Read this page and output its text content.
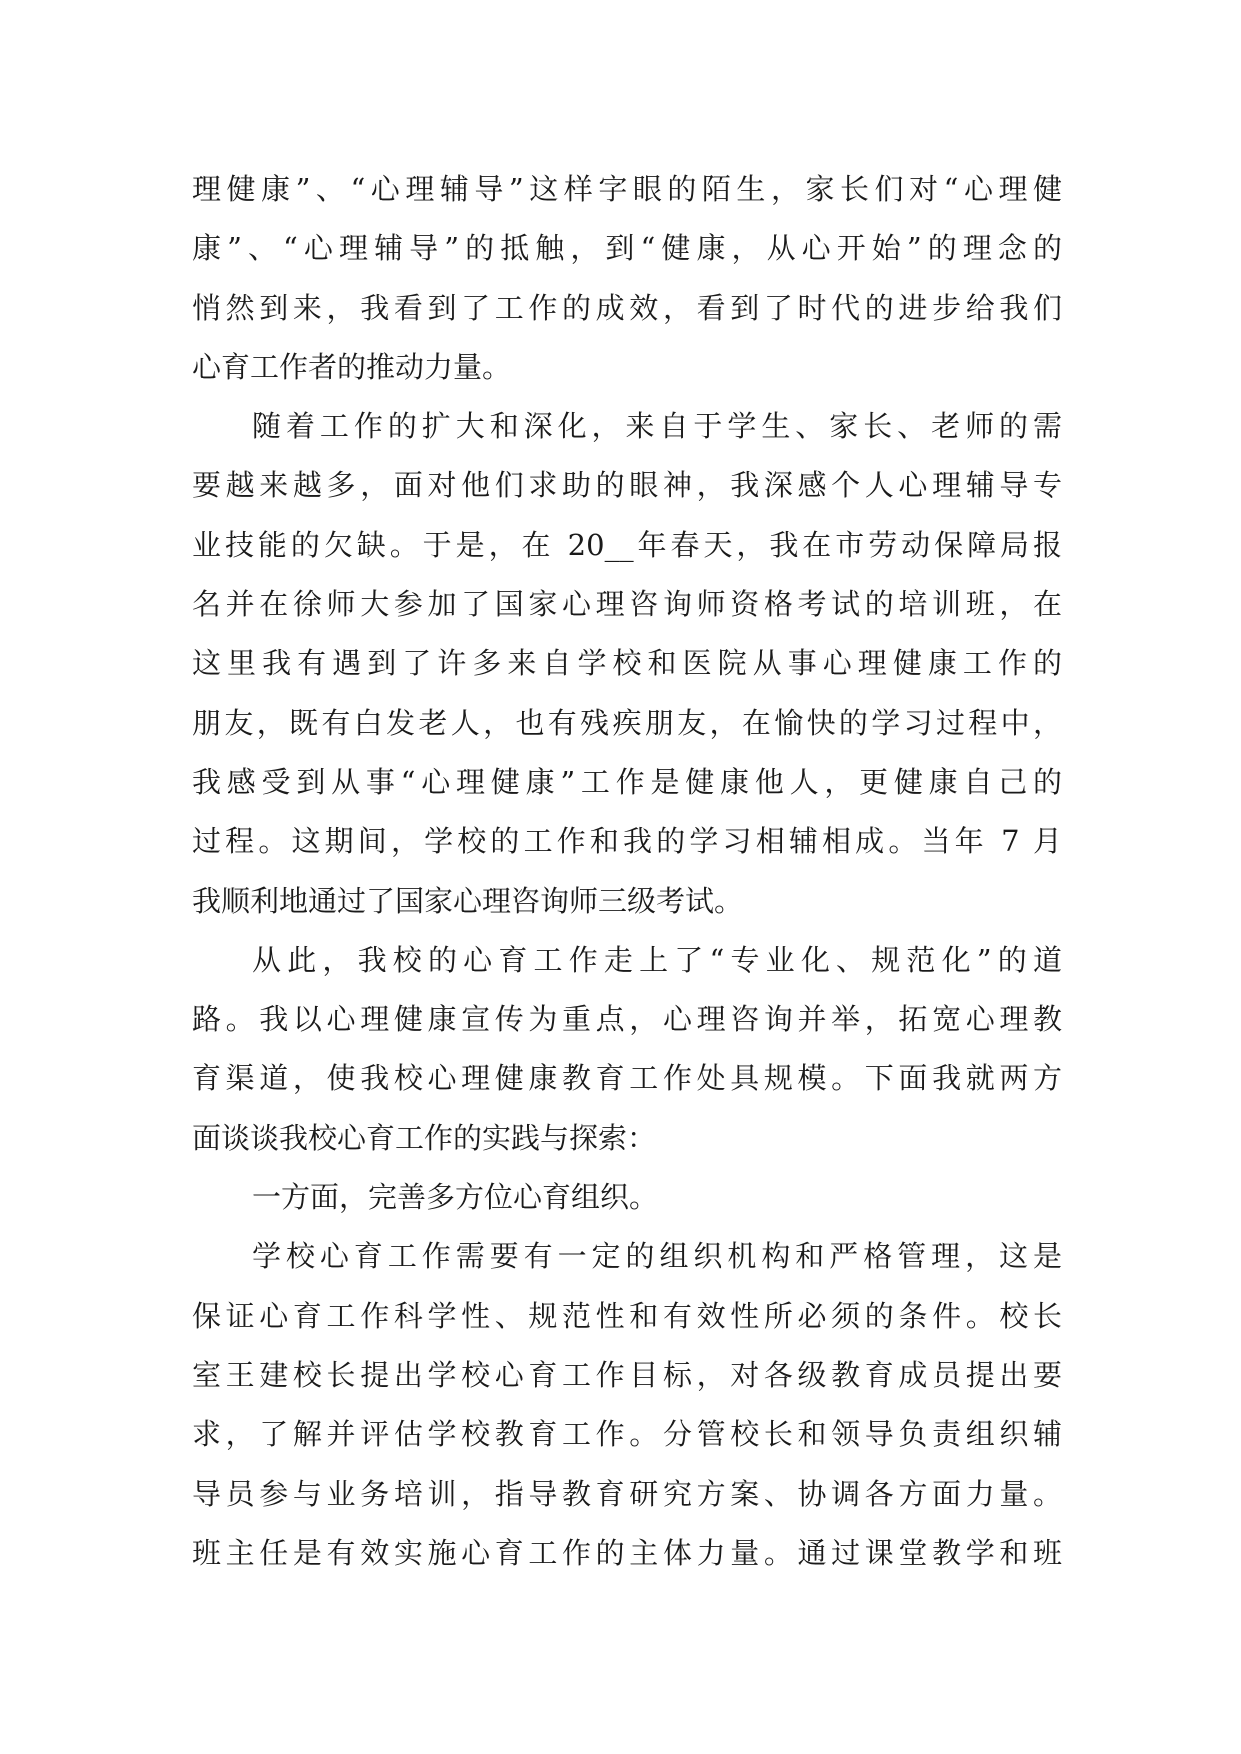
理健康”、“心理辅导”这样字眼的陌生，家长们对“心理健
康”、“心理辅导”的抵触，到“健康，从心开始”的理念的
悄然到来，我看到了工作的成效，看到了时代的进步给我们
心育工作者的推动力量。
随着工作的扩大和深化，来自于学生、家长、老师的需
要越来越多，面对他们求助的眼神，我深感个人心理辅导专
业技能的欠缺。于是，在 20__年春天，我在市劳动保障局报
名并在徐师大参加了国家心理咨询师资格考试的培训班，在
这里我有遇到了许多来自学校和医院从事心理健康工作的
朋友，既有白发老人，也有残疾朋友，在愉快的学习过程中，
我感受到从事“心理健康”工作是健康他人，更健康自己的
过程。这期间，学校的工作和我的学习相辅相成。当年 7 月
我顺利地通过了国家心理咨询师三级考试。
从此，我校的心育工作走上了“专业化、规范化”的道
路。我以心理健康宣传为重点，心理咨询并举，拓宽心理教
育渠道，使我校心理健康教育工作处具规模。下面我就两方
面谈谈我校心育工作的实践与探索：
一方面，完善多方位心育组织。
学校心育工作需要有一定的组织机构和严格管理，这是
保证心育工作科学性、规范性和有效性所必须的条件。校长
室王建校长提出学校心育工作目标，对各级教育成员提出要
求，了解并评估学校教育工作。分管校长和领导负责组织辅
导员参与业务培训，指导教育研究方案、协调各方面力量。
班主任是有效实施心育工作的主体力量。通过课堂教学和班
